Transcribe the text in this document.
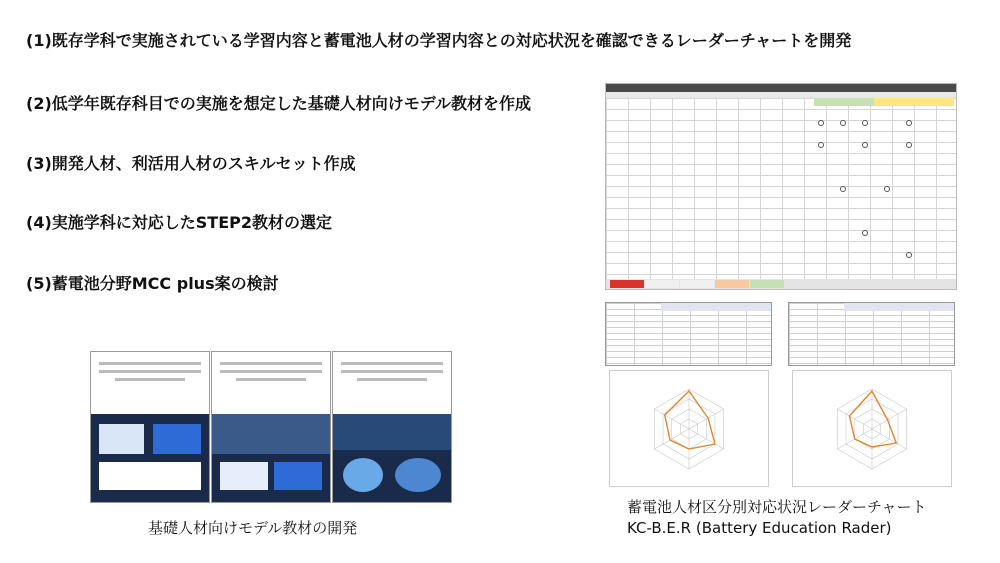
(1)既存学科で実施されている学習内容と蓄電池人材の学習内容との対応状況を確認できるレーダーチャートを開発
(2)低学年既存科目での実施を想定した基礎人材向けモデル教材を作成
(3)開発人材、利活用人材のスキルセット作成
(4)実施学科に対応したSTEP2教材の選定
(5)蓄電池分野MCC plus案の検討
基礎人材向けモデル教材の開発
蓄電池人材区分別対応状況レーダーチャート
KC-B.E.R (Battery Education Rader)
